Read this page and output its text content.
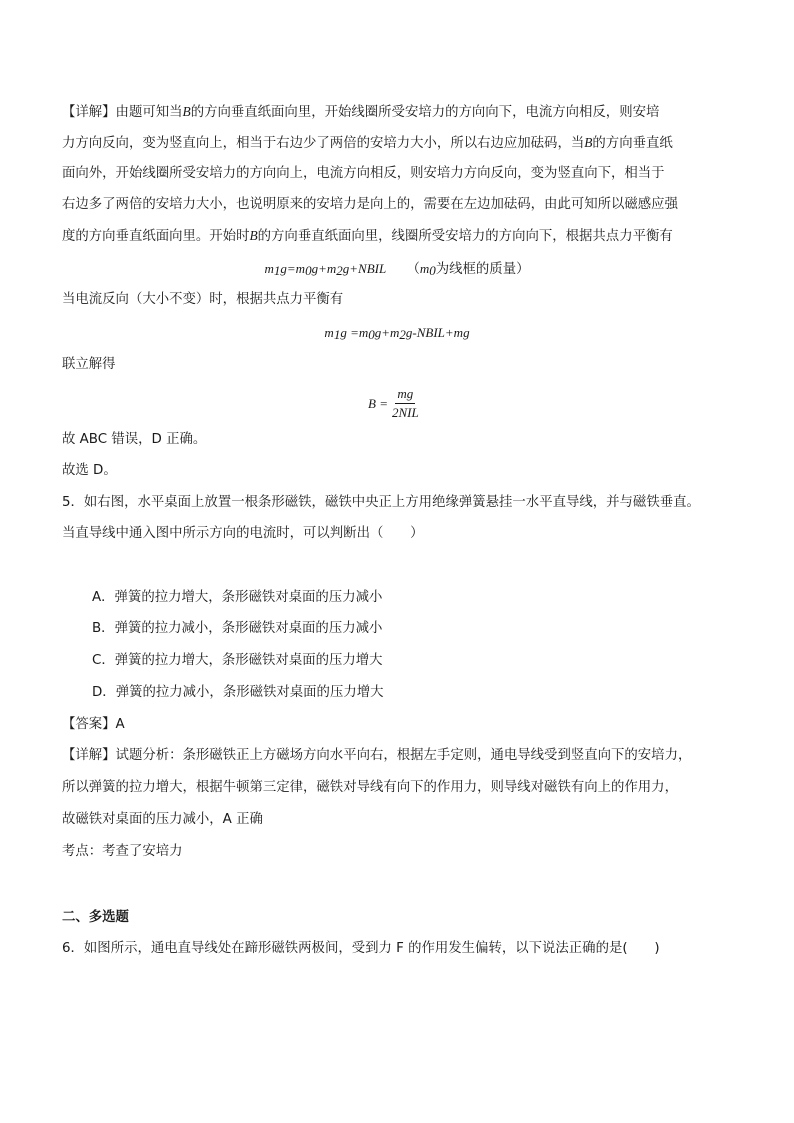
【详解】由题可知当B的方向垂直纸面向里，开始线圈所受安培力的方向向下，电流方向相反，则安培
力方向反向，变为竖直向上，相当于右边少了两倍的安培力大小，所以右边应加砝码，当B的方向垂直纸
面向外，开始线圈所受安培力的方向向上，电流方向相反，则安培力方向反向，变为竖直向下，相当于
右边多了两倍的安培力大小，也说明原来的安培力是向上的，需要在左边加砝码，由此可知所以磁感应强
度的方向垂直纸面向里。开始时B的方向垂直纸面向里，线圈所受安培力的方向向下，根据共点力平衡有
$m_1g=m_0g+m_2g+NBIL$ （$m_0$为线框的质量）
当电流反向（大小不变）时，根据共点力平衡有
$m_1g$ $=m_0g+m_2g-NBIL+mg$
联立解得
$B = \frac{mg}{\text{2NIL}}$
故 ABC 错误，D 正确。
故选 D。
5．如右图，水平桌面上放置一根条形磁铁，磁铁中央正上方用绝缘弹簧悬挂一水平直导线，并与磁铁垂直。
当直导线中通入图中所示方向的电流时，可以判断出（　　）
A．弹簧的拉力增大，条形磁铁对桌面的压力减小
B．弹簧的拉力减小，条形磁铁对桌面的压力减小
C．弹簧的拉力增大，条形磁铁对桌面的压力增大
D．弹簧的拉力减小，条形磁铁对桌面的压力增大
【答案】A
【详解】试题分析：条形磁铁正上方磁场方向水平向右，根据左手定则，通电导线受到竖直向下的安培力，
所以弹簧的拉力增大，根据牛顿第三定律，磁铁对导线有向下的作用力，则导线对磁铁有向上的作用力，
故磁铁对桌面的压力减小，A 正确
考点：考查了安培力
二、多选题
6．如图所示，通电直导线处在蹄形磁铁两极间，受到力 F 的作用发生偏转，以下说法正确的是(　　)
